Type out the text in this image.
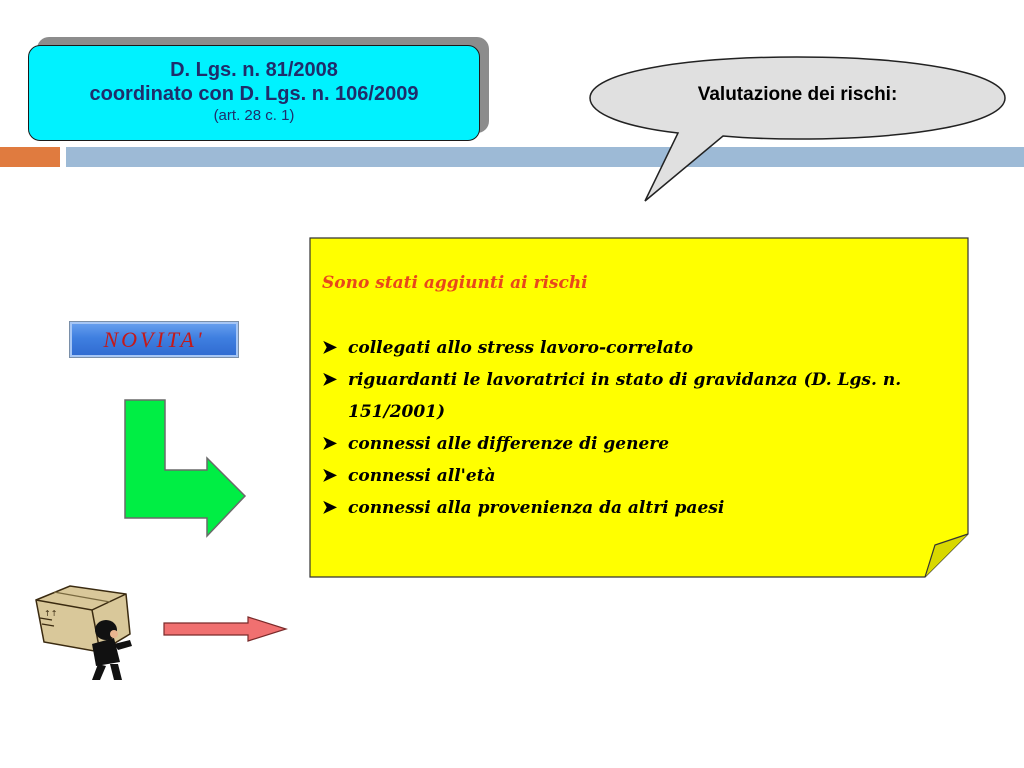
D. Lgs. n. 81/2008
coordinato con D. Lgs. n. 106/2009
(art. 28 c. 1)
Valutazione dei rischi:
NOVITA'
Sono stati aggiunti ai rischi
➤ collegati allo stress lavoro-correlato
➤ riguardanti le lavoratrici in stato di gravidanza (D. Lgs. n. 151/2001)
➤ connessi alle differenze di genere
➤ connessi all'età
➤ connessi alla provenienza da altri paesi
↑↑
